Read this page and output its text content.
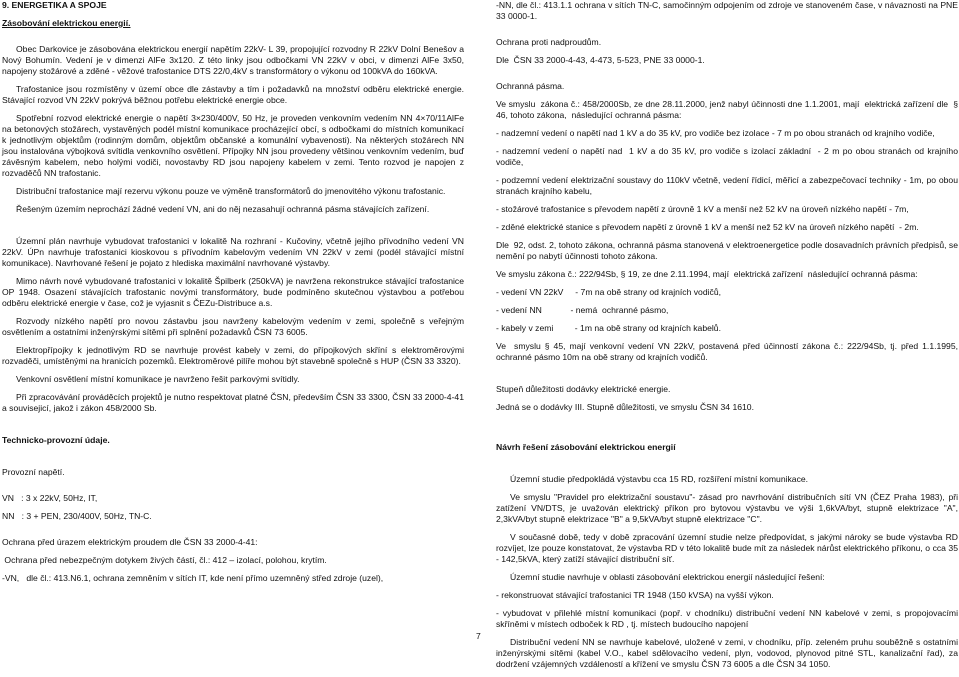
9. ENERGETIKA A SPOJE

Zásobování elektrickou energií.

Obec Darkovice je zásobována elektrickou energií napětím 22kV- L 39, propojující rozvodny R 22kV Dolní Benešov a Nový Bohumín. Vedení je v dimenzi AlFe 3x120. Z této linky jsou odbočkami VN 22kV v obci, v dimenzi AlFe 3x50, napojeny stožárové a zděné - věžové trafostanice DTS 22/0,4kV s transformátory o výkonu od 100kVA do 160kVA.

Trafostanice jsou rozmístěny v území obce dle zástavby a tím i požadavků na množství odběru elektrické energie. Stávající rozvod VN 22kV pokrývá běžnou potřebu elektrické energie obce.

Spotřební rozvod elektrické energie o napětí 3×230/400V, 50 Hz, je proveden venkovním vedením NN 4×70/11AlFe na betonových stožárech, vystavěných podél místní komunikace procházející obcí, s odbočkami do místních komunikací k jednotlivým objektům (rodinným domům, objektům občanské a komunální vybavenosti). Na některých stožárech NN jsou instalována výbojková svítidla venkovního osvětlení. Přípojky NN jsou provedeny většinou venkovním vedením, buď závěsným kabelem, nebo holými vodiči, novostavby RD jsou napojeny kabelem v zemi. Tento rozvod je napojen z rozvaděčů NN trafostanic.

Distribuční trafostanice mají rezervu výkonu pouze ve výměně transformátorů do jmenovitého výkonu trafostanic.

Řešeným územím neprochází žádné vedení VN, ani do něj nezasahují ochranná pásma stávajících zařízení.

Územní plán navrhuje vybudovat trafostanici v lokalitě Na rozhraní - Kučoviny, včetně jejího přívodního vedení VN 22kV. ÚPn navrhuje trafostanici kioskovou s přívodním kabelovým vedením VN 22kV v zemi (podél stávající místní komunikace). Navrhované řešení je pojato z hlediska maximální navrhované výstavby.

Mimo návrh nové vybudované trafostanici v lokalitě Špilberk (250kVA) je navržena rekonstrukce stávající trafostanice OP 1948. Osazení stávajících trafostanic novými transformátory, bude podmíněno skutečnou výstavbou a potřebou odběru elektrické energie v čase, což je vyjasnit s ČEZu-Distribuce a.s.

Rozvody nízkého napětí pro novou zástavbu jsou navrženy kabelovým vedením v zemi, společně s veřejným osvětlením a ostatními inženýrskými sítěmi při splnění požadavků ČSN 73 6005.

Elektropřípojky k jednotlivým RD se navrhuje provést kabely v zemi, do přípojkových skříní s elektroměrovými rozvaděči, umístěnými na hranicích pozemků. Elektroměrové pilíře mohou být stavebně společně s HUP (ČSN 33 3320).

Venkovní osvětlení místní komunikace je navrženo řešit parkovými svítidly.

Při zpracovávání prováděcích projektů je nutno respektovat platné ČSN, především ČSN 33 3300, ČSN 33 2000-4-41 a souvisejicí, jakož i zákon 458/2000 Sb.

Technicko-provozní údaje.

Provozní napětí.

VN   : 3 x 22kV, 50Hz, IT,

NN   : 3 + PEN, 230/400V, 50Hz, TN-C.

Ochrana před úrazem elektrickým proudem dle ČSN 33 2000-4-41:

Ochrana před nebezpečným dotykem živých částí, čl.: 412 – izolací, polohou, krytím.

-VN,   dle čl.: 413.N6.1, ochrana zemněním v sítích IT, kde není přímo uzemněný střed zdroje (uzel),

-NN, dle čl.: 413.1.1 ochrana v sítích TN-C, samočinným odpojením od zdroje ve stanoveném čase, v návaznosti na PNE 33 0000-1.

Ochrana proti nadproudům.

Dle  ČSN 33 2000-4-43, 4-473, 5-523, PNE 33 0000-1.

Ochranná pásma.

Ve smyslu  zákona č.: 458/2000Sb, ze dne 28.11.2000, jenž nabyl účinnosti dne 1.1.2001, mají  elektrická zařízení dle  § 46, tohoto zákona,  následující ochranná pásma:

- nadzemní vedení o napětí nad 1 kV a do 35 kV, pro vodiče bez izolace - 7 m po obou stranách od krajního vodiče,

- nadzemní vedení o napětí nad  1 kV a do 35 kV, pro vodiče s izolací základní  - 2 m po obou stranách od krajního vodiče,

- podzemní vedení elektrizační soustavy do 110kV včetně, vedení řídicí, měřicí a zabezpečovací techniky - 1m, po obou stranách krajního kabelu,

- stožárové trafostanice s převodem napětí z úrovně 1 kV a menší než 52 kV na úroveň nízkého napětí - 7m,

- zděné elektrické stanice s převodem napětí z úrovně 1 kV a menší než 52 kV na úroveň nízkého napětí  - 2m.

Dle  92, odst. 2, tohoto zákona, ochranná pásma stanovená v elektroenergetice podle dosavadních právních předpisů, se nemění po nabytí účinnosti tohoto zákona.

Ve smyslu zákona č.: 222/94Sb, § 19, ze dne 2.11.1994, mají  elektrická zařízení  následující ochranná pásma:

- vedení VN 22kV     - 7m na obě strany od krajních vodičů,

- vedení NN            - nemá  ochranné pásmo,

- kabely v zemi         - 1m na obě strany od krajních kabelů.

Ve  smyslu § 45, mají venkovní vedení VN 22kV, postavená před účinností zákona č.: 222/94Sb, tj. před 1.1.1995, ochranné pásmo 10m na obě strany od krajních vodičů.

Stupeň důležitosti dodávky elektrické energie.

Jedná se o dodávky III. Stupně důležitosti, ve smyslu ČSN 34 1610.

Návrh řešení zásobování elektrickou energií

Územní studie předpokládá výstavbu cca 15 RD, rozšíření místní komunikace.

Ve smyslu "Pravidel pro elektrizační soustavu"- zásad pro navrhování distribučních sítí VN (ČEZ Praha 1983), při zatížení VN/DTS, je uvažován elektrický příkon pro bytovou výstavbu ve výši 1,6kVA/byt, stupně elektrizace "A", 2,3kVA/byt stupně elektrizace "B" a 9,5kVA/byt stupně elektrizace "C".

V současné době, tedy v době zpracování územní studie nelze předpovídat, s jakými nároky se bude výstavba RD rozvíjet, lze pouze konstatovat, že výstavba RD v této lokalitě bude mít za následek nárůst elektrického příkonu, o cca 35 - 142,5kVA, který zatíží stávající distribuční síť.

Územní studie navrhuje v oblasti zásobování elektrickou energií následující řešení:

- rekonstruovat stávající trafostanici TR 1948 (150 kVSA) na vyšší výkon.

- vybudovat v přilehlé místní komunikaci (popř. v chodníku) distribuční vedení NN kabelové v zemi, s propojovacími skříněmi v místech odboček k RD , tj. místech budoucího napojení

Distribuční vedení NN se navrhuje kabelové, uložené v zemi, v chodníku, příp. zeleném pruhu souběžně s ostatními inženýrskými sítěmi (kabel V.O., kabel sdělovacího vedení, plyn, vodovod, plynovod pitné STL, kanalizační řad), za dodržení vzájemných vzdáleností a křížení ve smyslu ČSN 73 6005 a dle ČSN 34 1050.

7
